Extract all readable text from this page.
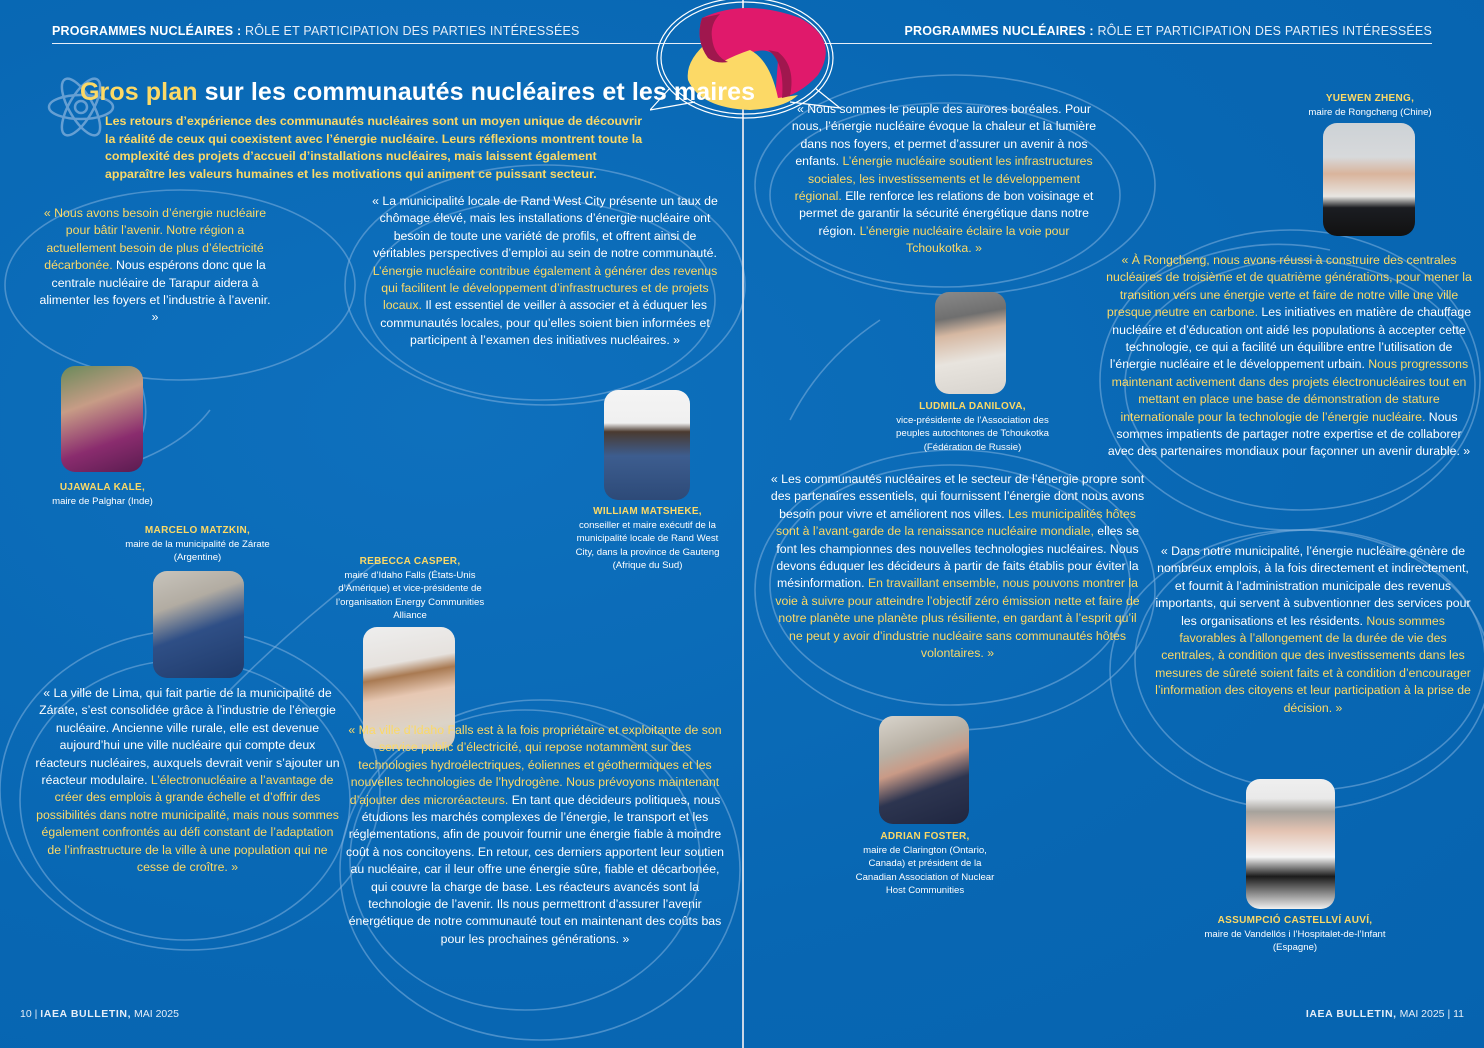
PROGRAMMES NUCLÉAIRES : RÔLE ET PARTICIPATION DES PARTIES INTÉRESSÉES	PROGRAMMES NUCLÉAIRES : RÔLE ET PARTICIPATION DES PARTIES INTÉRESSÉES
Gros plan sur les communautés nucléaires et les maires

Les retours d’expérience des communautés nucléaires sont un moyen unique de découvrir la réalité de ceux qui coexistent avec l’énergie nucléaire. Leurs réflexions montrent toute la complexité des projets d’accueil d’installations nucléaires, mais laissent également apparaître les valeurs humaines et les motivations qui animent ce puissant secteur.

« Nous avons besoin d’énergie nucléaire pour bâtir l’avenir. Notre région a actuellement besoin de plus d’électricité décarbonée. Nous espérons donc que la centrale nucléaire de Tarapur aidera à alimenter les foyers et l’industrie à l’avenir. »

UJAWALA KALE,
maire de Palghar (Inde)

« La municipalité locale de Rand West City présente un taux de chômage élevé, mais les installations d’énergie nucléaire ont besoin de toute une variété de profils, et offrent ainsi de véritables perspectives d’emploi au sein de notre communauté. L’énergie nucléaire contribue également à générer des revenus qui facilitent le développement d’infrastructures et de projets locaux. Il est essentiel de veiller à associer et à éduquer les communautés locales, pour qu’elles soient bien informées et participent à l’examen des initiatives nucléaires. »

WILLIAM MATSHEKE,
conseiller et maire exécutif de la municipalité locale de Rand West City, dans la province de Gauteng (Afrique du Sud)
MARCELO MATZKIN,
maire de la municipalité de Zárate (Argentine)

« La ville de Lima, qui fait partie de la municipalité de Zárate, s’est consolidée grâce à l’industrie de l’énergie nucléaire. Ancienne ville rurale, elle est devenue aujourd’hui une ville nucléaire qui compte deux réacteurs nucléaires, auxquels devrait venir s’ajouter un réacteur modulaire. L’électronucléaire a l’avantage de créer des emplois à grande échelle et d’offrir des possibilités dans notre municipalité, mais nous sommes également confrontés au défi constant de l’adaptation de l’infrastructure de la ville à une population qui ne cesse de croître. »

REBECCA CASPER,
maire d’Idaho Falls (États-Unis d’Amérique) et vice-présidente de l’organisation Energy Communities Alliance

« Ma ville d’Idaho Falls est à la fois propriétaire et exploitante de son service public d’électricité, qui repose notamment sur des technologies hydroélectriques, éoliennes et géothermiques et les nouvelles technologies de l’hydrogène. Nous prévoyons maintenant d’ajouter des microréacteurs. En tant que décideurs politiques, nous étudions les marchés complexes de l’énergie, le transport et les réglementations, afin de pouvoir fournir une énergie fiable à moindre coût à nos concitoyens. En retour, ces derniers apportent leur soutien au nucléaire, car il leur offre une énergie sûre, fiable et décarbonée, qui couvre la charge de base. Les réacteurs avancés sont la technologie de l’avenir. Ils nous permettront d’assurer l’avenir énergétique de notre communauté tout en maintenant des coûts bas pour les prochaines générations. »

« Nous sommes le peuple des aurores boréales. Pour nous, l’énergie nucléaire évoque la chaleur et la lumière dans nos foyers, et permet d’assurer un avenir à nos enfants. L’énergie nucléaire soutient les infrastructures sociales, les investissements et le développement régional. Elle renforce les relations de bon voisinage et permet de garantir la sécurité énergétique dans notre région. L’énergie nucléaire éclaire la voie pour Tchoukotka. »

LUDMILA DANILOVA,
vice-présidente de l’Association des peuples autochtones de Tchoukotka (Fédération de Russie)

« Les communautés nucléaires et le secteur de l’énergie propre sont des partenaires essentiels, qui fournissent l’énergie dont nous avons besoin pour vivre et améliorent nos villes. Les municipalités hôtes sont à l’avant-garde de la renaissance nucléaire mondiale, elles se font les championnes des nouvelles technologies nucléaires. Nous devons éduquer les décideurs à partir de faits établis pour éviter la mésinformation. En travaillant ensemble, nous pouvons montrer la voie à suivre pour atteindre l’objectif zéro émission nette et faire de notre planète une planète plus résiliente, en gardant à l’esprit qu’il ne peut y avoir d’industrie nucléaire sans communautés hôtes volontaires. »

ADRIAN FOSTER,
maire de Clarington (Ontario, Canada) et président de la Canadian Association of Nuclear Host Communities
YUEWEN ZHENG,
maire de Rongcheng (Chine)

« À Rongcheng, nous avons réussi à construire des centrales nucléaires de troisième et de quatrième générations, pour mener la transition vers une énergie verte et faire de notre ville une ville presque neutre en carbone. Les initiatives en matière de chauffage nucléaire et d’éducation ont aidé les populations à accepter cette technologie, ce qui a facilité un équilibre entre l’utilisation de l’énergie nucléaire et le développement urbain. Nous progressons maintenant activement dans des projets électronucléaires tout en mettant en place une base de démonstration de stature internationale pour la technologie de l’énergie nucléaire. Nous sommes impatients de partager notre expertise et de collaborer avec des partenaires mondiaux pour façonner un avenir durable. »

« Dans notre municipalité, l’énergie nucléaire génère de nombreux emplois, à la fois directement et indirectement, et fournit à l’administration municipale des revenus importants, qui servent à subventionner des services pour les organisations et les résidents. Nous sommes favorables à l’allongement de la durée de vie des centrales, à condition que des investissements dans les mesures de sûreté soient faits et à condition d’encourager l’information des citoyens et leur participation à la prise de décision. »

ASSUMPCIÓ CASTELLVÍ AUVÍ,
maire de Vandellós i l’Hospitalet-de-l’Infant (Espagne)
10 | IAEA BULLETIN, MAI 2025	IAEA BULLETIN, MAI 2025 | 11
